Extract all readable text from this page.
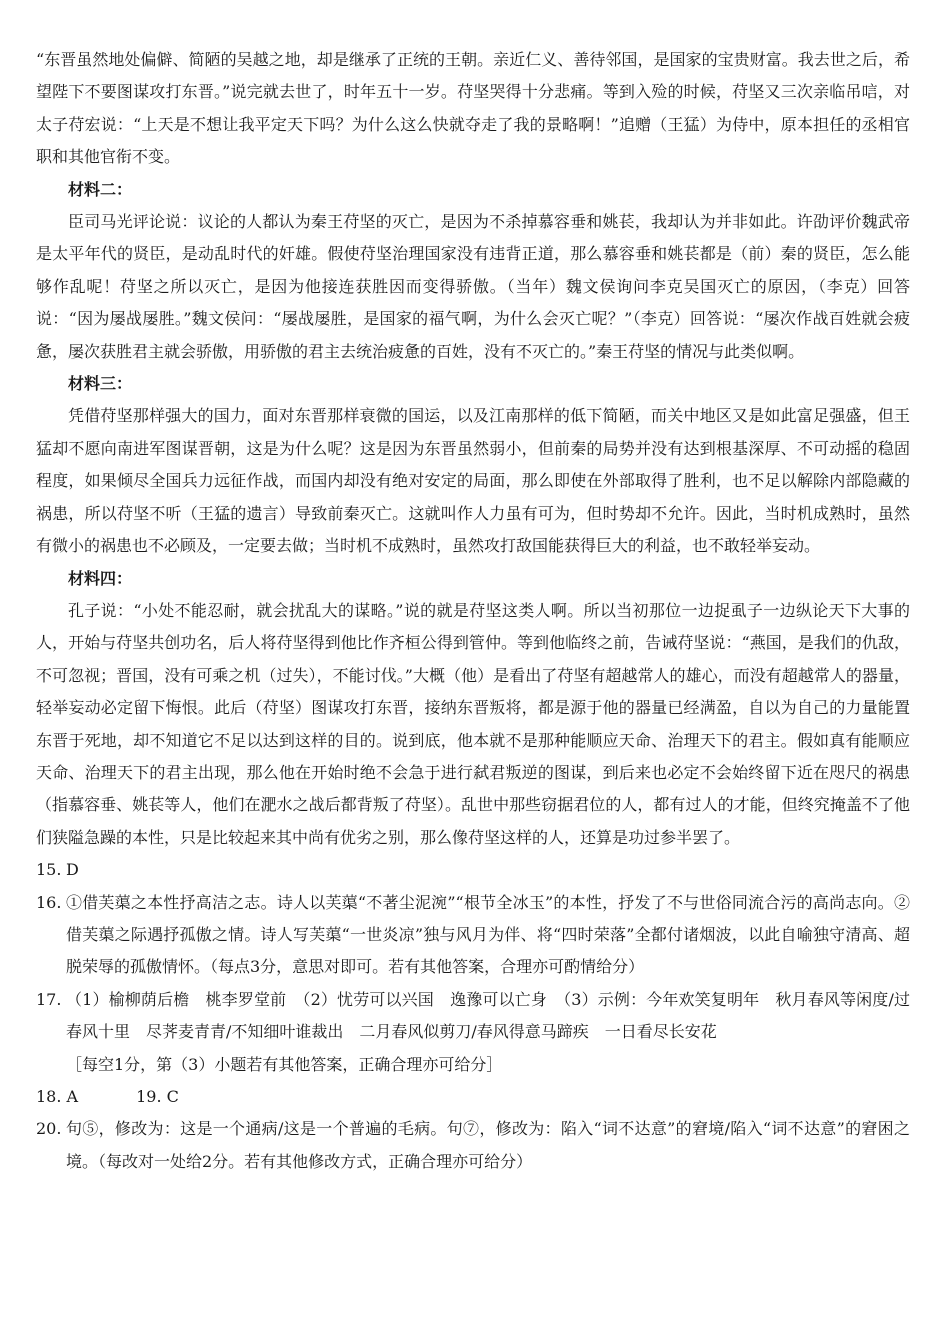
“东晋虽然地处偏僻、简陋的吴越之地，却是继承了正统的王朝。亲近仁义、善待邻国，是国家的宝贵财富。我去世之后，希望陛下不要图谋攻打东晋。”说完就去世了，时年五十一岁。苻坚哭得十分悲痛。等到入殓的时候，苻坚又三次亲临吊唁，对太子苻宏说：“上天是不想让我平定天下吗？为什么这么快就夺走了我的景略啊！”追赠（王猛）为侍中，原本担任的丞相官职和其他官衔不变。

材料二：

臣司马光评论说：议论的人都认为秦王苻坚的灭亡，是因为不杀掉慕容垂和姚苌，我却认为并非如此。许劭评价魏武帝是太平年代的贤臣，是动乱时代的奸雄。假使苻坚治理国家没有违背正道，那么慕容垂和姚苌都是（前）秦的贤臣，怎么能够作乱呢！苻坚之所以灭亡，是因为他接连获胜因而变得骄傲。（当年）魏文侯询问李克吴国灭亡的原因，（李克）回答说：“因为屡战屡胜。”魏文侯问：“屡战屡胜，是国家的福气啊，为什么会灭亡呢？”（李克）回答说：“屡次作战百姓就会疲惫，屡次获胜君主就会骄傲，用骄傲的君主去统治疲惫的百姓，没有不灭亡的。”秦王苻坚的情况与此类似啊。

材料三：

凭借苻坚那样强大的国力，面对东晋那样衰微的国运，以及江南那样的低下简陋，而关中地区又是如此富足强盛，但王猛却不愿向南进军图谋晋朝，这是为什么呢？这是因为东晋虽然弱小，但前秦的局势并没有达到根基深厚、不可动摇的稳固程度，如果倾尽全国兵力远征作战，而国内却没有绝对安定的局面，那么即使在外部取得了胜利，也不足以解除内部隐藏的祸患，所以苻坚不听（王猛的遗言）导致前秦灭亡。这就叫作人力虽有可为，但时势却不允许。因此，当时机成熟时，虽然有微小的祸患也不必顾及，一定要去做；当时机不成熟时，虽然攻打敌国能获得巨大的利益，也不敢轻举妄动。

材料四：

孔子说：“小处不能忍耐，就会扰乱大的谋略。”说的就是苻坚这类人啊。所以当初那位一边捉虱子一边纵论天下大事的人，开始与苻坚共创功名，后人将苻坚得到他比作齐桓公得到管仲。等到他临终之前，告诫苻坚说：“燕国，是我们的仇敌，不可忽视；晋国，没有可乘之机（过失），不能讨伐。”大概（他）是看出了苻坚有超越常人的雄心，而没有超越常人的器量，轻举妄动必定留下悔恨。此后（苻坚）图谋攻打东晋，接纳东晋叛将，都是源于他的器量已经满盈，自以为自己的力量能置东晋于死地，却不知道它不足以达到这样的目的。说到底，他本就不是那种能顺应天命、治理天下的君主。假如真有能顺应天命、治理天下的君主出现，那么他在开始时绝不会急于进行弑君叛逆的图谋，到后来也必定不会始终留下近在咫尺的祸患（指慕容垂、姚苌等人，他们在淝水之战后都背叛了苻坚）。乱世中那些窃据君位的人，都有过人的才能，但终究掩盖不了他们狭隘急躁的本性，只是比较起来其中尚有优劣之别，那么像苻坚这样的人，还算是功过参半罢了。

15. D
16. ①借芙蕖之本性抒高洁之志。诗人以芙蕖“不著尘泥涴”“根节全冰玉”的本性，抒发了不与世俗同流合污的高尚志向。②借芙蕖之际遇抒孤傲之情。诗人写芙蕖“一世炎凉”独与风月为伴、将“四时荣落”全都付诸烟波，以此自喻独守清高、超脱荣辱的孤傲情怀。（每点3分，意思对即可。若有其他答案，合理亦可酌情给分）
17. （1）榆柳荫后檐　桃李罗堂前　（2）忧劳可以兴国　逸豫可以亡身　（3）示例：今年欢笑复明年　秋月春风等闲度/过春风十里　尽荠麦青青/不知细叶谁裁出　二月春风似剪刀/春风得意马蹄疾　一日看尽长安花
［每空1分，第（3）小题若有其他答案，正确合理亦可给分］
18. A	19. C
20. 句⑤，修改为：这是一个通病/这是一个普遍的毛病。句⑦，修改为：陷入“词不达意”的窘境/陷入“词不达意”的窘困之境。（每改对一处给2分。若有其他修改方式，正确合理亦可给分）
